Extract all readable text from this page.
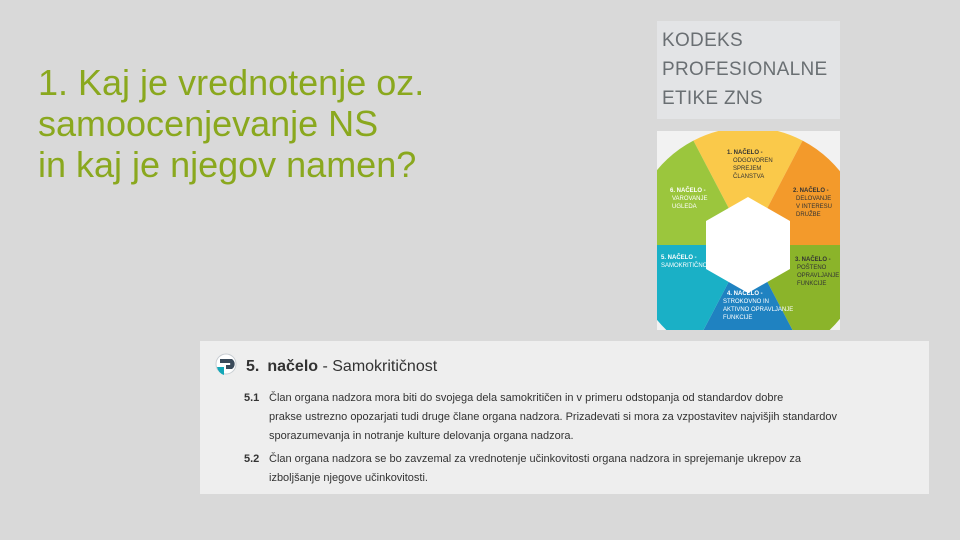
1. Kaj je vrednotenje oz.
samoocenjevanje NS
in kaj je njegov namen?
KODEKS
PROFESIONALNE
ETIKE ZNS
1. NAČELO -
ODGOVOREN
SPREJEM
ČLANSTVA
2. NAČELO -
DELOVANJE
V INTERESU
DRUŽBE
3. NAČELO -
POŠTENO
OPRAVLJANJE
FUNKCIJE
4. NAČELO -
STROKOVNO IN
AKTIVNO OPRAVLJANJE
FUNKCIJE
5. NAČELO -
SAMOKRITIČNOST
6. NAČELO -
VAROVANJE
UGLEDA
5. načelo - Samokritičnost
5.1 Član organa nadzora mora biti do svojega dela samokritičen in v primeru odstopanja od standardov dobre
prakse ustrezno opozarjati tudi druge člane organa nadzora. Prizadevati si mora za vzpostavitev najvišjih standardov
sporazumevanja in notranje kulture delovanja organa nadzora.
5.2 Član organa nadzora se bo zavzemal za vrednotenje učinkovitosti organa nadzora in sprejemanje ukrepov za
izboljšanje njegove učinkovitosti.
